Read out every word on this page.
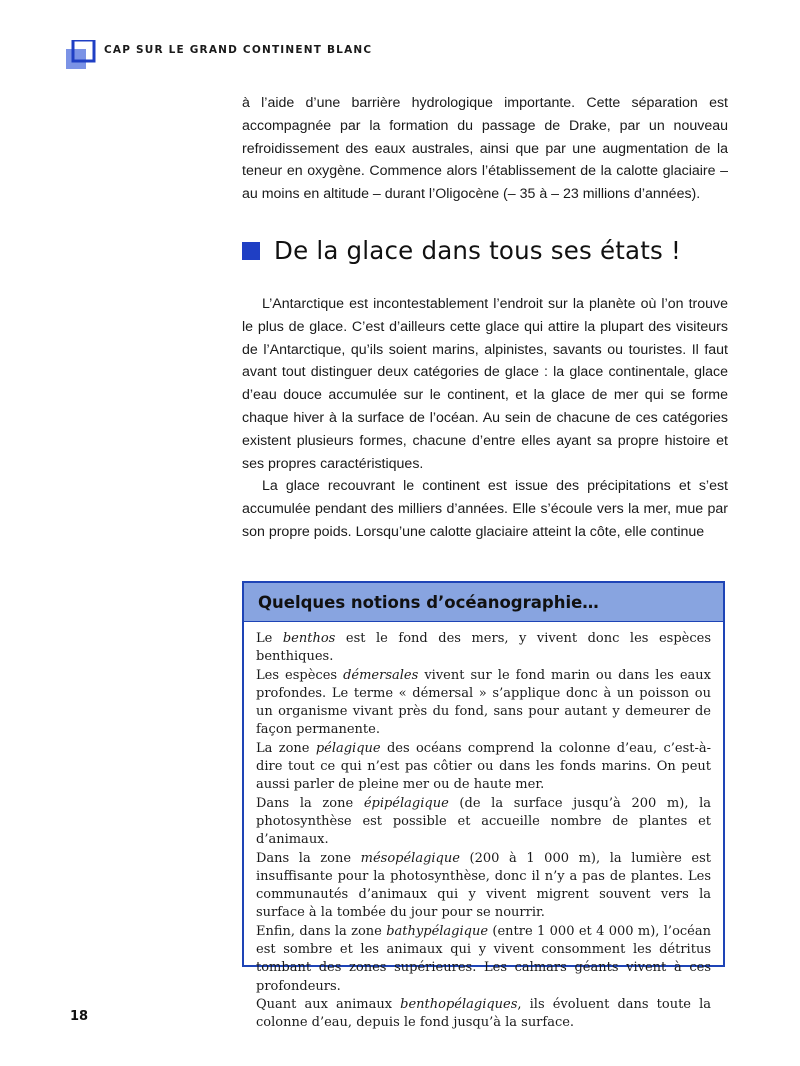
CAP SUR LE GRAND CONTINENT BLANC

à l’aide d’une barrière hydrologique importante. Cette séparation est accompagnée par la formation du passage de Drake, par un nouveau refroidissement des eaux australes, ainsi que par une augmentation de la teneur en oxygène. Commence alors l’établissement de la calotte glaciaire – au moins en altitude – durant l’Oligocène (– 35 à – 23 millions d’années).

De la glace dans tous ses états !

L’Antarctique est incontestablement l’endroit sur la planète où l’on trouve le plus de glace. C’est d’ailleurs cette glace qui attire la plupart des visiteurs de l’Antarctique, qu’ils soient marins, alpinistes, savants ou touristes. Il faut avant tout distinguer deux catégories de glace : la glace continentale, glace d’eau douce accumulée sur le continent, et la glace de mer qui se forme chaque hiver à la surface de l’océan. Au sein de chacune de ces catégories existent plusieurs formes, chacune d’entre elles ayant sa propre histoire et ses propres caractéristiques.

La glace recouvrant le continent est issue des précipitations et s’est accumulée pendant des milliers d’années. Elle s’écoule vers la mer, mue par son propre poids. Lorsqu’une calotte glaciaire atteint la côte, elle continue

Quelques notions d’océanographie…

Le benthos est le fond des mers, y vivent donc les espèces benthiques.

Les espèces démersales vivent sur le fond marin ou dans les eaux profondes. Le terme « démersal » s’applique donc à un poisson ou un organisme vivant près du fond, sans pour autant y demeurer de façon permanente.

La zone pélagique des océans comprend la colonne d’eau, c’est-à-dire tout ce qui n’est pas côtier ou dans les fonds marins. On peut aussi parler de pleine mer ou de haute mer.

Dans la zone épipélagique (de la surface jusqu’à 200 m), la photosynthèse est possible et accueille nombre de plantes et d’animaux.

Dans la zone mésopélagique (200 à 1 000 m), la lumière est insuffisante pour la photosynthèse, donc il n’y a pas de plantes. Les communautés d’animaux qui y vivent migrent souvent vers la surface à la tombée du jour pour se nourrir.

Enfin, dans la zone bathypélagique (entre 1 000 et 4 000 m), l’océan est sombre et les animaux qui y vivent consomment les détritus tombant des zones supérieures. Les calmars géants vivent à ces profondeurs.

Quant aux animaux benthopélagiques, ils évoluent dans toute la colonne d’eau, depuis le fond jusqu’à la surface.

18
